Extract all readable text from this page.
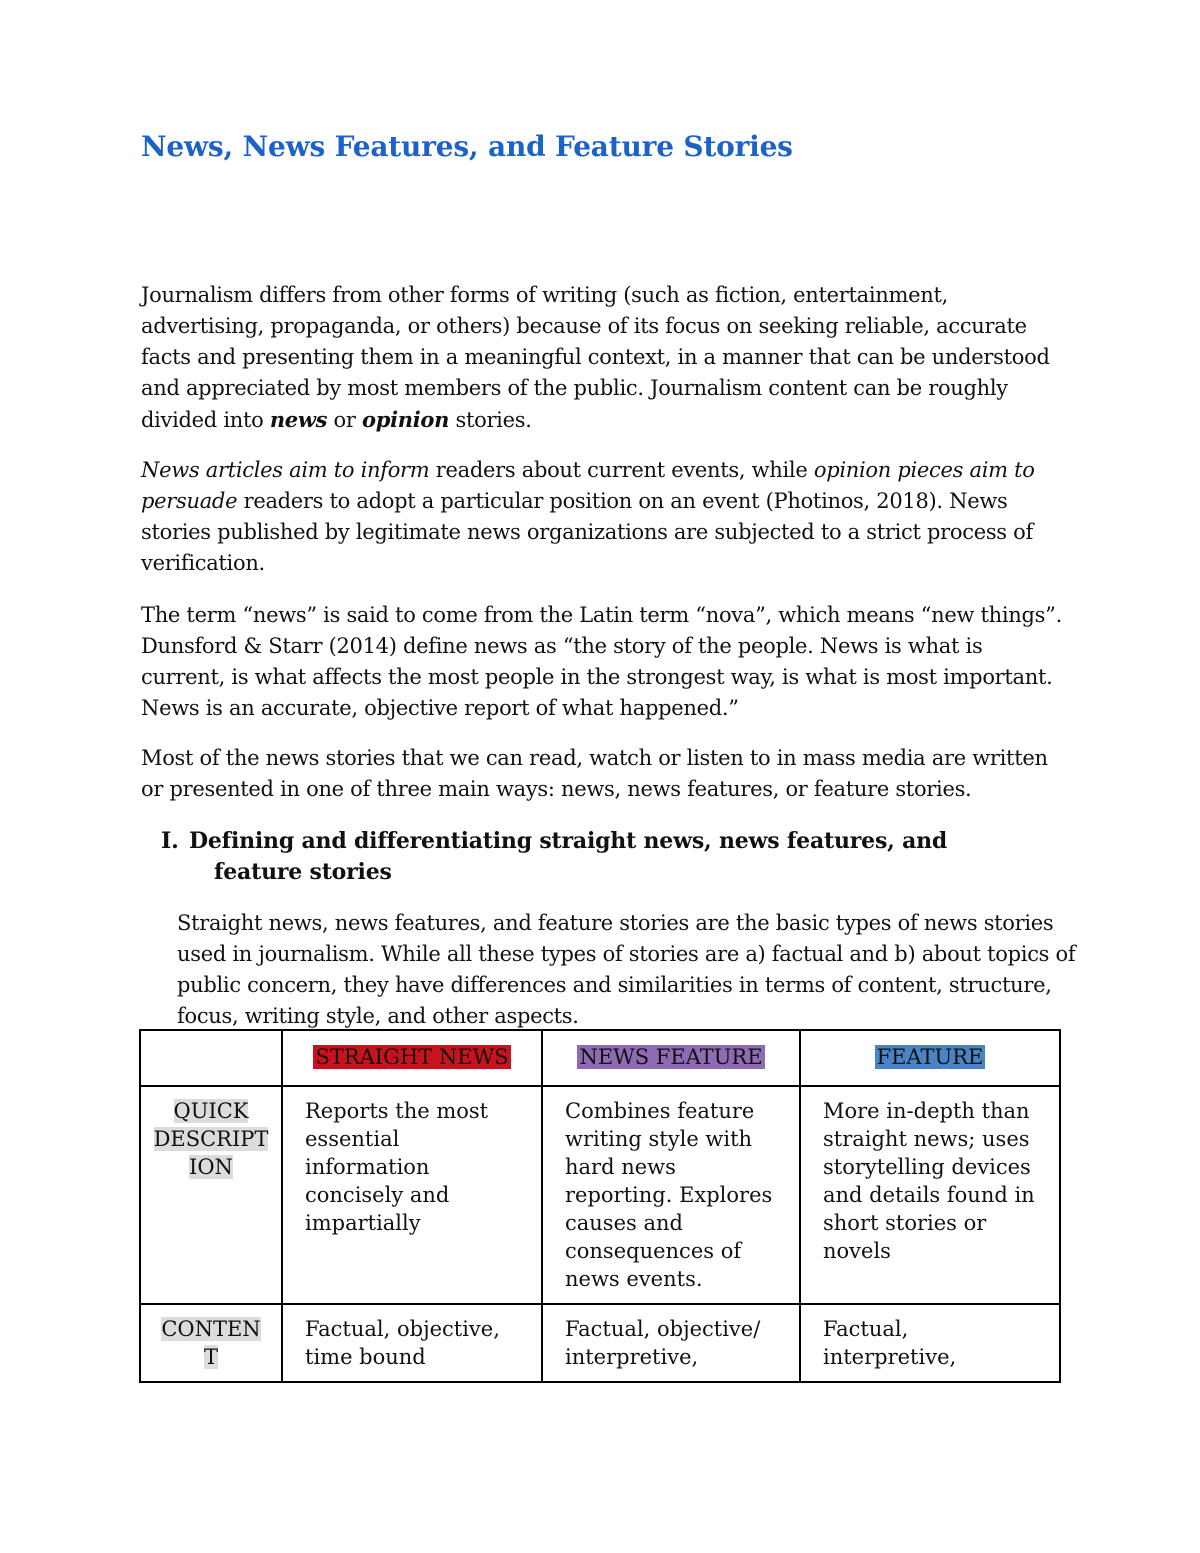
News, News Features, and Feature Stories

Journalism differs from other forms of writing (such as fiction, entertainment, advertising, propaganda, or others) because of its focus on seeking reliable, accurate facts and presenting them in a meaningful context, in a manner that can be understood and appreciated by most members of the public. Journalism content can be roughly divided into news or opinion stories.

News articles aim to inform readers about current events, while opinion pieces aim to persuade readers to adopt a particular position on an event (Photinos, 2018). News stories published by legitimate news organizations are subjected to a strict process of verification.

The term “news” is said to come from the Latin term “nova”, which means “new things”. Dunsford & Starr (2014) define news as “the story of the people. News is what is current, is what affects the most people in the strongest way, is what is most important. News is an accurate, objective report of what happened.”

Most of the news stories that we can read, watch or listen to in mass media are written or presented in one of three main ways: news, news features, or feature stories.

I. Defining and differentiating straight news, news features, and
feature stories

Straight news, news features, and feature stories are the basic types of news stories used in journalism. While all these types of stories are a) factual and b) about topics of public concern, they have differences and similarities in terms of content, structure, focus, writing style, and other aspects.

	STRAIGHT NEWS	NEWS FEATURE	FEATURE
QUICK
DESCRIPT
ION	Reports the most essential information concisely and impartially	Combines feature writing style with hard news reporting. Explores causes and consequences of news events.	More in-depth than straight news; uses storytelling devices and details found in short stories or novels
CONTEN
T	Factual, objective, time bound	Factual, objective/ interpretive,	Factual, interpretive,
